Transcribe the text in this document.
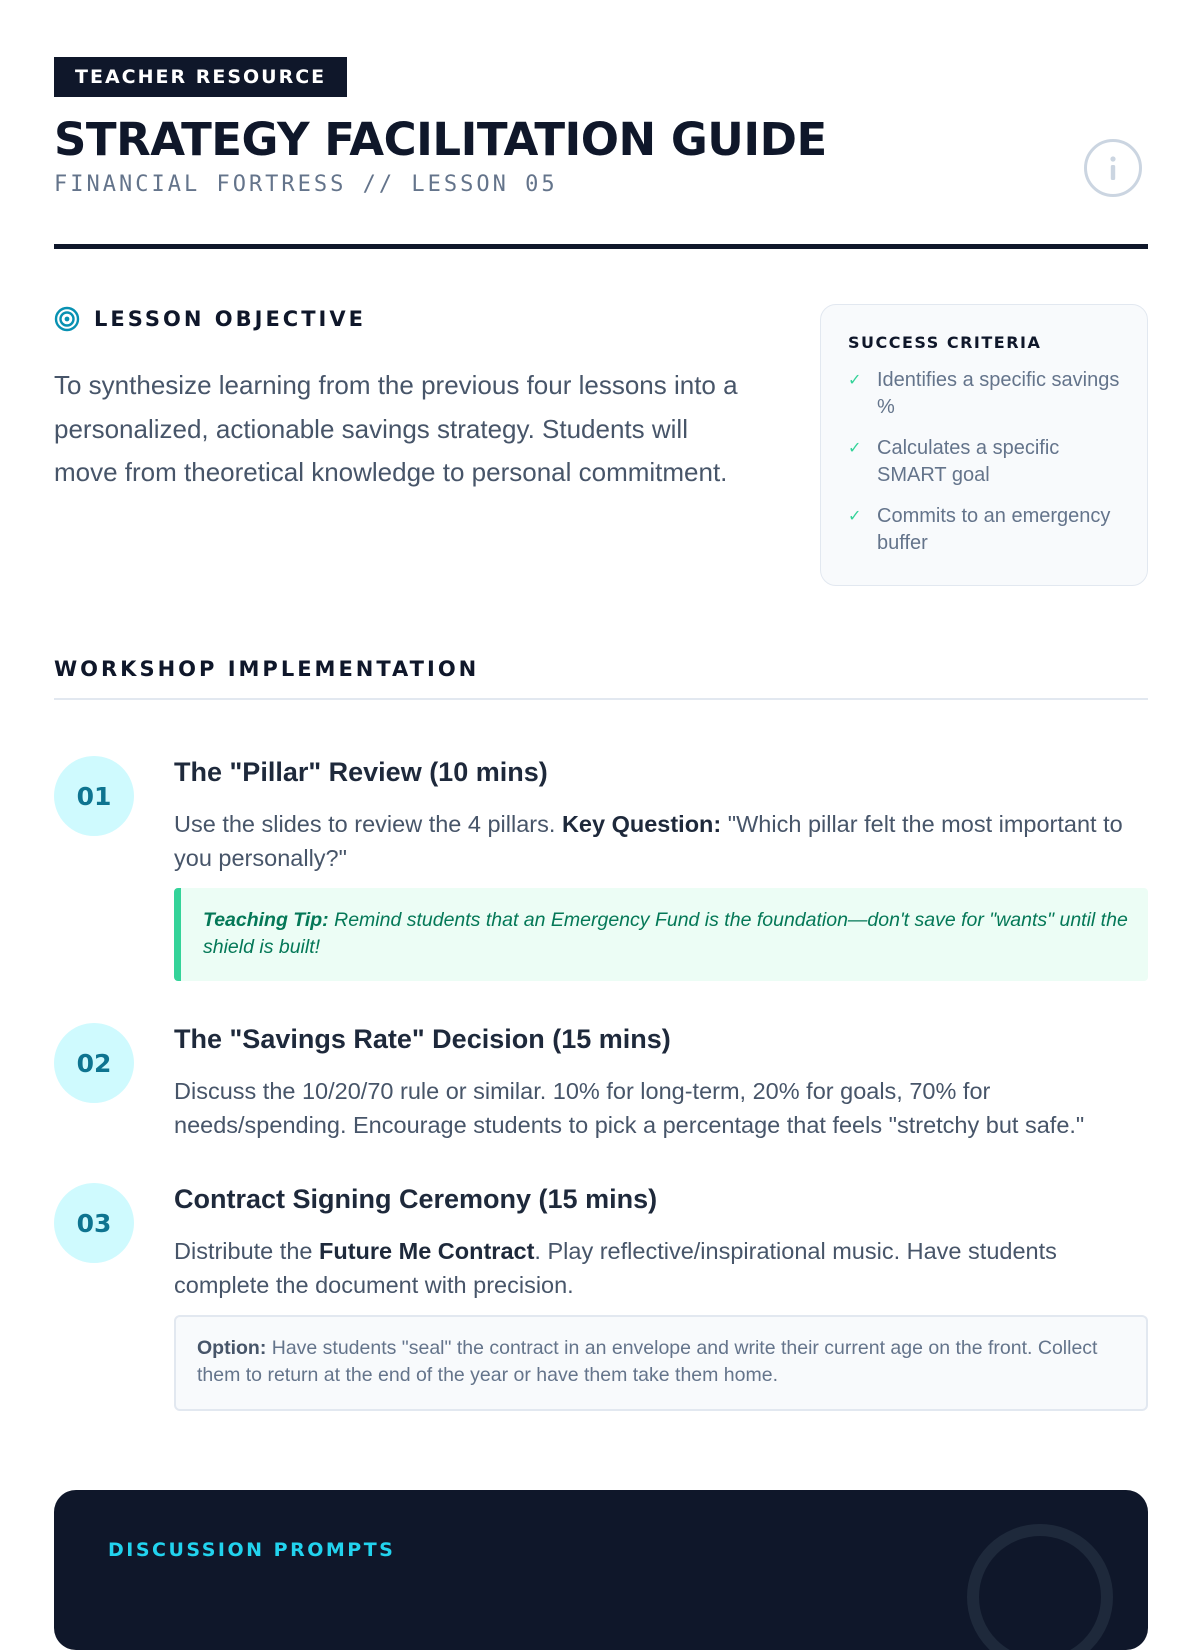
TEACHER RESOURCE
STRATEGY FACILITATION GUIDE
FINANCIAL FORTRESS // LESSON 05
LESSON OBJECTIVE

To synthesize learning from the previous four lessons into a personalized, actionable savings strategy. Students will move from theoretical knowledge to personal commitment.

SUCCESS CRITERIA
✓ Identifies a specific savings %
✓ Calculates a specific SMART goal
✓ Commits to an emergency buffer
WORKSHOP IMPLEMENTATION
01
The "Pillar" Review (10 mins)

Use the slides to review the 4 pillars. Key Question: "Which pillar felt the most important to you personally?"

Teaching Tip: Remind students that an Emergency Fund is the foundation—don't save for "wants" until the shield is built!
02
The "Savings Rate" Decision (15 mins)

Discuss the 10/20/70 rule or similar. 10% for long-term, 20% for goals, 70% for needs/spending. Encourage students to pick a percentage that feels "stretchy but safe."

03
Contract Signing Ceremony (15 mins)

Distribute the Future Me Contract. Play reflective/inspirational music. Have students complete the document with precision.

Option: Have students "seal" the contract in an envelope and write their current age on the front. Collect them to return at the end of the year or have them take them home.
DISCUSSION PROMPTS
